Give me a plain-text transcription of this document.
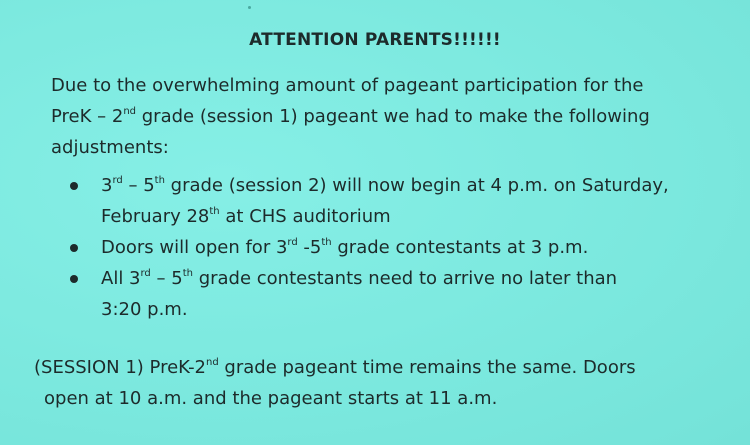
ATTENTION PARENTS!!!!!!
Due to the overwhelming amount of pageant participation for the
PreK – 2nd grade (session 1) pageant we had to make the following
adjustments:
3rd – 5th grade (session 2) will now begin at 4 p.m. on Saturday,
February 28th at CHS auditorium
Doors will open for 3rd -5th grade contestants at 3 p.m.
All 3rd – 5th grade contestants need to arrive no later than
3:20 p.m.
(SESSION 1) PreK-2nd grade pageant time remains the same. Doors
open at 10 a.m. and the pageant starts at 11 a.m.
